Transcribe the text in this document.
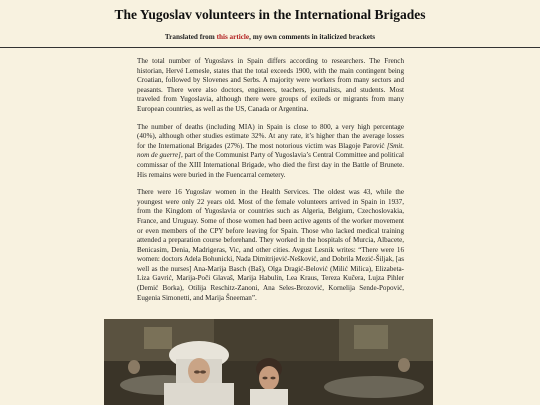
The Yugoslav volunteers in the International Brigades
Translated from this article, my own comments in italicized brackets

The total number of Yugoslavs in Spain differs according to researchers. The French historian, Hervé Lemesle, states that the total exceeds 1900, with the main contingent being Croatian, followed by Slovenes and Serbs. A majority were workers from many sectors and peasants. There were also doctors, engineers, teachers, journalists, and students. Most traveled from Yugoslavia, although there were groups of exileds or migrants from many European countries, as well as the US, Canada or Argentina.

The number of deaths (including MIA) in Spain is close to 800, a very high percentage (40%), although other studies estimate 32%. At any rate, it’s higher than the average losses for the International Brigades (27%). The most notorious victim was Blagoje Parović [Smit. nom de guerre], part of the Communist Party of Yugoslavia’s Central Committee and political commissar of the XIII International Brigade, who died the first day in the Battle of Brunete. His remains were buried in the Fuencarral cemetery.

There were 16 Yugoslav women in the Health Services. The oldest was 43, while the youngest were only 22 years old. Most of the female volunteers arrived in Spain in 1937, from the Kingdom of Yugoslavia or countries such as Algeria, Belgium, Czechoslovakia, France, and Uruguay. Some of those women had been active agents of the worker movement or even members of the CPY before leaving for Spain. Those who lacked medical training attended a preparation course beforehand. They worked in the hospitals of Murcia, Albacete, Benicasim, Denia, Madrigeras, Vic, and other cities. Avgust Lesnik writes: “There were 16 women: doctors Adela Bohunicki, Nada Dimitrijević-Nešković, and Dobrila Mezić-Šiljak, [as well as the nurses] Ana-Marija Basch (Baš), Olga Dragić-Belović (Milić Milica), Elizabeta-Liza Gavrić, Marija-Poči Glavaš, Marija Habulin, Lea Kraus, Tereza Kučera, Lujza Pihler (Demić Borka), Otilija Reschitz-Zanoni, Ana Seles-Brozović, Kornelija Sende-Popović, Eugenia Simonetti, and Marija Šneeman”.
